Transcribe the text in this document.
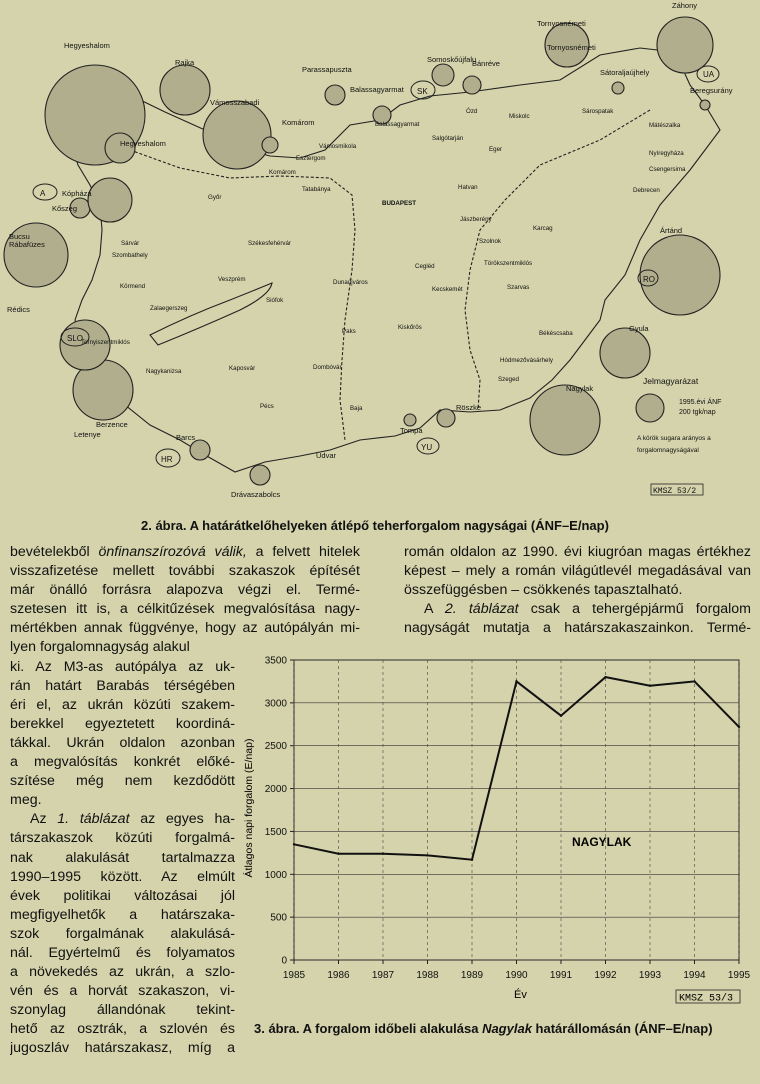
Hegyeshalom
Rajka
Vámosszabadi
Parassapuszta
Balassagyarmat
Somoskőújfalu
Bánréve
Tornyosnémeti
Tornyosnémeti
Sátoraljaújhely
Záhony
Beregsurány
Ártánd
Gyula
Nagylak
Röszke
Tompa
Udvar
Barcs
Drávaszabolcs
Berzence
Letenye
Rédics
Rábafüzes
Bucsu
Kőszeg
Kópháza
Komárom
Hegyeshalom
Komárom
Esztergom
Vámosmikola
Salgótarján
Balassagyarmat
Ózd
Miskolc
Eger
Sárospatak
Mátészalka
Nyíregyháza
Csengersima
Debrecen
Tatabánya
Győr
BUDAPEST
Hatvan
Jászberény
Szolnok
Karcag
Törökszentmiklós
Cegléd
Kecskemét	Szarvas
Békéscsaba
Hódmezővásárhely
Szeged
Kiskőrös
Paks
Dunaújváros
Siófok
Székesfehérvár
Veszprém
Sárvár
Szombathely
Körmend
Zalaegerszeg
Nagykanizsa	Kaposvár	Dombóvár
Pécs	Baja
Tornyiszentmiklós
A
SK
UA
RO
YU
HR
SLO
Jelmagyarázat
1995.évi ÁNF
200 tgk/nap
A körök sugara arányos a
forgalomnagyságával
KMSZ 53/2
2. ábra. A határátkelőhelyeken átlépő teherforgalom nagyságai (ÁNF–E/nap)
bevételekből önfinanszírozóvá válik, a felvett hitelek
visszafizetése mellett további szakaszok építését
már önálló forrásra alapozva végzi el. Termé-
szetesen itt is, a célkitűzések megvalósítása nagy-
mértékben annak függvénye, hogy az autópályán mi-
lyen forgalomnagyság alakul
ki. Az M3-as autópálya az uk-
rán határt Barabás térségében
éri el, az ukrán közúti szakem-
berekkel egyeztetett koordiná-
tákkal. Ukrán oldalon azonban
a megvalósítás konkrét előké-
szítése még nem kezdődött
meg.
Az 1. táblázat az egyes ha-
társzakaszok közúti forgalmá-
nak alakulását tartalmazza
1990–1995 között. Az elmúlt
évek politikai változásai jól
megfigyelhetők a határszaka-
szok forgalmának alakulásá-
nál. Egyértelmű és folyamatos
a növekedés az ukrán, a szlo-
vén és a horvát szakaszon, vi-
szonylag állandónak tekint-
hető az osztrák, a szlovén és
jugoszláv határszakasz, míg a
román oldalon az 1990. évi kiugróan magas értékhez
képest – mely a román világútlevél megadásával van
összefüggésben – csökkenés tapasztalható.
A 2. táblázat csak a tehergépjármű forgalom
nagyságát mutatja a határszakaszainkon. Termé-
0
500
1000
1500
2000
2500
3000
3500
1985 1986 1987 1988 1989 1990 1991 1992 1993 1994 1995
NAGYLAK
Év
Átlagos napi forgalom (E/nap)
KMSZ 53/3
3. ábra. A forgalom időbeli alakulása Nagylak határállomásán (ÁNF–E/nap)
